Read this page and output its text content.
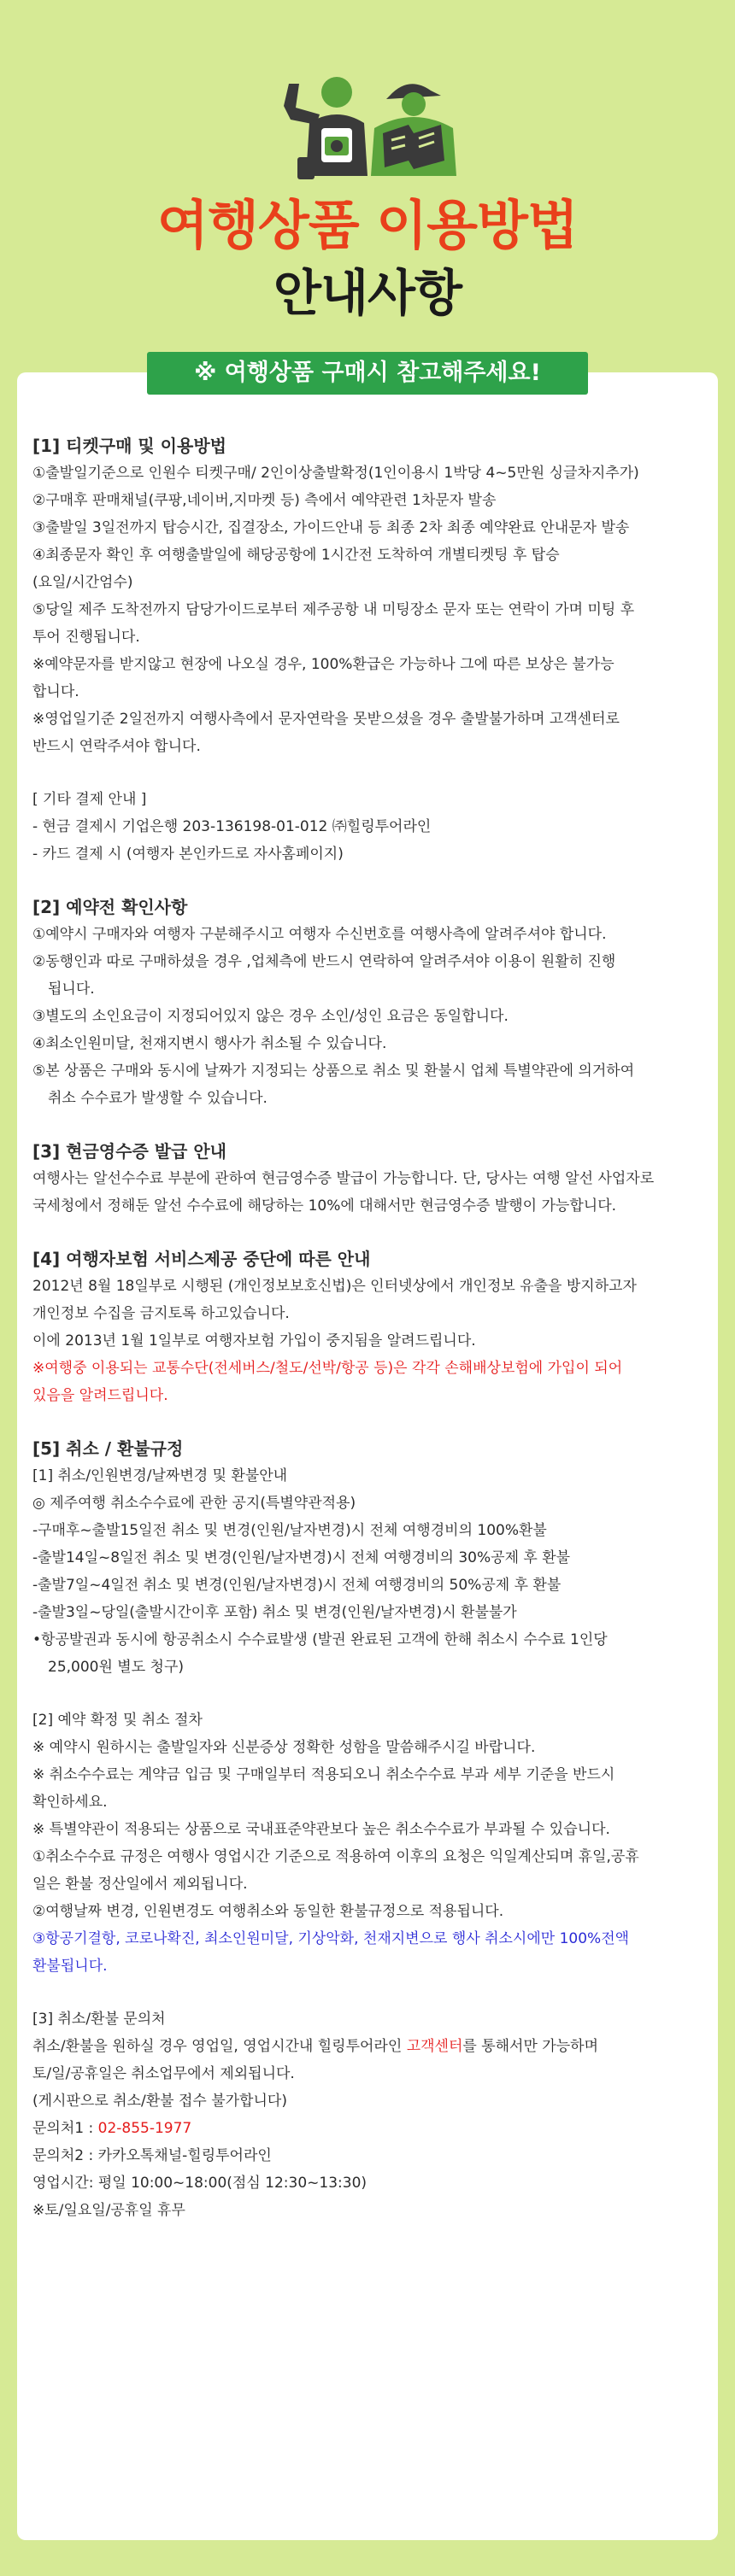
여행상품 이용방법
안내사항
※ 여행상품 구매시 참고해주세요!

[1] 티켓구매 및 이용방법

①출발일기준으로 인원수 티켓구매/ 2인이상출발확정(1인이용시 1박당 4~5만원 싱글차지추가)

②구매후 판매채널(쿠팡,네이버,지마켓 등) 측에서 예약관련 1차문자 발송

③출발일 3일전까지 탑승시간, 집결장소, 가이드안내 등 최종 2차 최종 예약완료 안내문자 발송

④최종문자 확인 후 여행출발일에 해당공항에 1시간전 도착하여 개별티켓팅 후 탑승

(요일/시간엄수)

⑤당일 제주 도착전까지 담당가이드로부터 제주공항 내 미팅장소 문자 또는 연락이 가며 미팅 후

투어 진행됩니다.

※예약문자를 받지않고 현장에 나오실 경우, 100%환급은 가능하나 그에 따른 보상은 불가능

합니다.

※영업일기준 2일전까지 여행사측에서 문자연락을 못받으셨을 경우 출발불가하며 고객센터로

반드시 연락주셔야 합니다.

[ 기타 결제 안내 ]

- 현금 결제시 기업은행 203-136198-01-012 ㈜힐링투어라인

- 카드 결제 시 (여행자 본인카드로 자사홈페이지)

[2] 예약전 확인사항

①예약시 구매자와 여행자 구분해주시고 여행자 수신번호를 여행사측에 알려주셔야 합니다.

②동행인과 따로 구매하셨을 경우 ,업체측에 반드시 연락하여 알려주셔야 이용이 원활히 진행

됩니다.

③별도의 소인요금이 지정되어있지 않은 경우 소인/성인 요금은 동일합니다.

④최소인원미달, 천재지변시 행사가 취소될 수 있습니다.

⑤본 상품은 구매와 동시에 날짜가 지정되는 상품으로 취소 및 환불시 업체 특별약관에 의거하여

취소 수수료가 발생할 수 있습니다.

[3] 현금영수증 발급 안내

여행사는 알선수수료 부분에 관하여 현금영수증 발급이 가능합니다. 단, 당사는 여행 알선 사업자로

국세청에서 정해둔 알선 수수료에 해당하는 10%에 대해서만 현금영수증 발행이 가능합니다.

[4] 여행자보험 서비스제공 중단에 따른 안내

2012년 8월 18일부로 시행된 (개인정보보호신법)은 인터넷상에서 개인정보 유출을 방지하고자

개인정보 수집을 금지토록 하고있습니다.

이에 2013년 1월 1일부로 여행자보험 가입이 중지됨을 알려드립니다.

※여행중 이용되는 교통수단(전세버스/철도/선박/항공 등)은 각각 손해배상보험에 가입이 되어

있음을 알려드립니다.

[5] 취소 / 환불규정

[1] 취소/인원변경/날짜변경 및 환불안내

◎ 제주여행 취소수수료에 관한 공지(특별약관적용)

-구매후~출발15일전 취소 및 변경(인원/날자변경)시 전체 여행경비의 100%환불

-출발14일~8일전 취소 및 변경(인원/날자변경)시 전체 여행경비의 30%공제 후 환불

-출발7일~4일전 취소 및 변경(인원/날자변경)시 전체 여행경비의 50%공제 후 환불

-출발3일~당일(출발시간이후 포함) 취소 및 변경(인원/날자변경)시 환불불가

•항공발권과 동시에 항공취소시 수수료발생 (발권 완료된 고객에 한해 취소시 수수료 1인당

25,000원 별도 청구)

[2] 예약 확정 및 취소 절차

※ 예약시 원하시는 출발일자와 신분증상 정확한 성함을 말씀해주시길 바랍니다.

※ 취소수수료는 계약금 입금 및 구매일부터 적용되오니 취소수수료 부과 세부 기준을 반드시

확인하세요.

※ 특별약관이 적용되는 상품으로 국내표준약관보다 높은 취소수수료가 부과될 수 있습니다.

①취소수수료 규정은 여행사 영업시간 기준으로 적용하여 이후의 요청은 익일계산되며 휴일,공휴

일은 환불 정산일에서 제외됩니다.

②여행날짜 변경, 인원변경도 여행취소와 동일한 환불규정으로 적용됩니다.

③항공기결항, 코로나확진, 최소인원미달, 기상악화, 천재지변으로 행사 취소시에만 100%전액

환불됩니다.

[3] 취소/환불 문의처

취소/환불을 원하실 경우 영업일, 영업시간내 힐링투어라인 고객센터를 통해서만 가능하며

토/일/공휴일은 취소업무에서 제외됩니다.

(게시판으로 취소/환불 접수 불가합니다)

문의처1 : 02-855-1977

문의처2 : 카카오톡채널-힐링투어라인

영업시간: 평일 10:00~18:00(점심 12:30~13:30)

※토/일요일/공휴일 휴무
